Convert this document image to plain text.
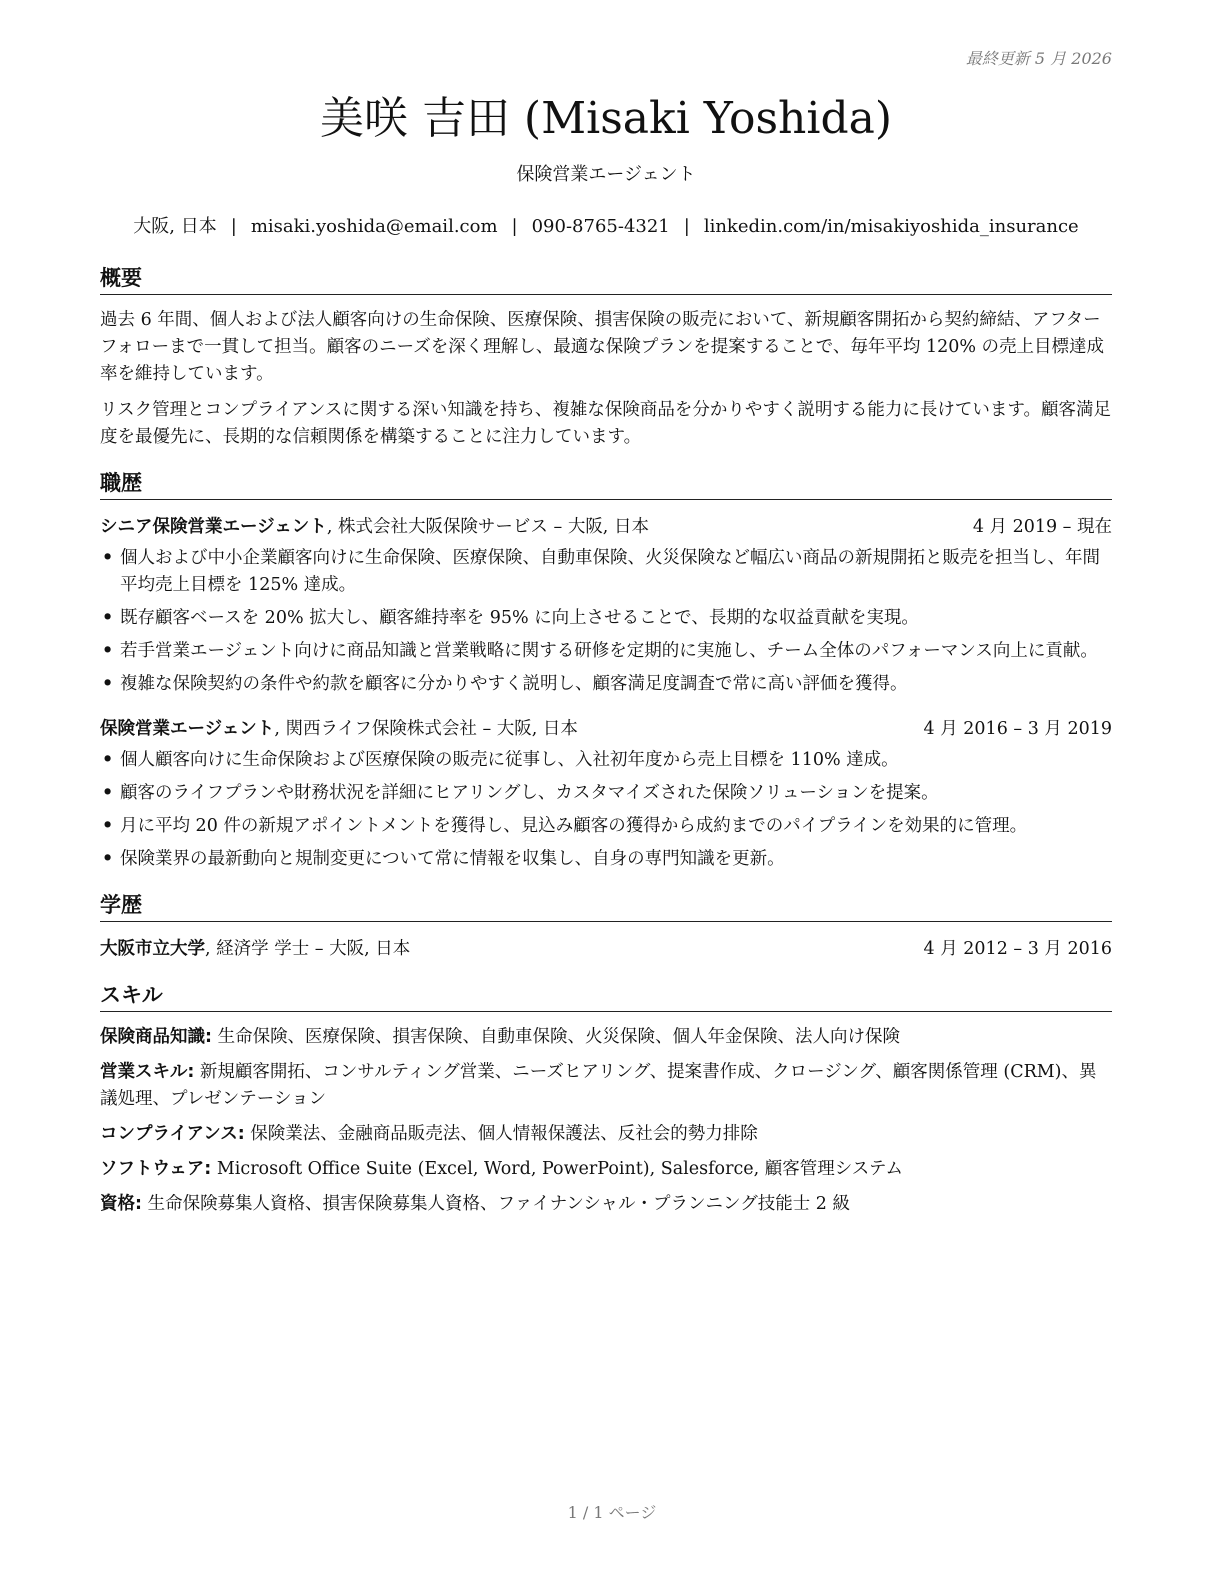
最終更新 5 月 2026
美咲 吉田 (Misaki Yoshida)
保険営業エージェント
大阪, 日本 | misaki.yoshida@email.com | 090-8765-4321 | linkedin.com/in/misakiyoshida_insurance
概要

過去 6 年間、個人および法人顧客向けの生命保険、医療保険、損害保険の販売において、新規顧客開拓から契約締結、アフターフォローまで一貫して担当。顧客のニーズを深く理解し、最適な保険プランを提案することで、毎年平均 120% の売上目標達成率を維持しています。

リスク管理とコンプライアンスに関する深い知識を持ち、複雑な保険商品を分かりやすく説明する能力に長けています。顧客満足度を最優先に、長期的な信頼関係を構築することに注力しています。

職歴
シニア保険営業エージェント, 株式会社大阪保険サービス – 大阪, 日本	4 月 2019 – 現在
• 個人および中小企業顧客向けに生命保険、医療保険、自動車保険、火災保険など幅広い商品の新規開拓と販売を担当し、年間平均売上目標を 125% 達成。
• 既存顧客ベースを 20% 拡大し、顧客維持率を 95% に向上させることで、長期的な収益貢献を実現。
• 若手営業エージェント向けに商品知識と営業戦略に関する研修を定期的に実施し、チーム全体のパフォーマンス向上に貢献。
• 複雑な保険契約の条件や約款を顧客に分かりやすく説明し、顧客満足度調査で常に高い評価を獲得。
保険営業エージェント, 関西ライフ保険株式会社 – 大阪, 日本	4 月 2016 – 3 月 2019
• 個人顧客向けに生命保険および医療保険の販売に従事し、入社初年度から売上目標を 110% 達成。
• 顧客のライフプランや財務状況を詳細にヒアリングし、カスタマイズされた保険ソリューションを提案。
• 月に平均 20 件の新規アポイントメントを獲得し、見込み顧客の獲得から成約までのパイプラインを効果的に管理。
• 保険業界の最新動向と規制変更について常に情報を収集し、自身の専門知識を更新。
学歴
大阪市立大学, 経済学 学士 – 大阪, 日本	4 月 2012 – 3 月 2016
スキル
保険商品知識: 生命保険、医療保険、損害保険、自動車保険、火災保険、個人年金保険、法人向け保険
営業スキル: 新規顧客開拓、コンサルティング営業、ニーズヒアリング、提案書作成、クロージング、顧客関係管理 (CRM)、異議処理、プレゼンテーション
コンプライアンス: 保険業法、金融商品販売法、個人情報保護法、反社会的勢力排除
ソフトウェア: Microsoft Office Suite (Excel, Word, PowerPoint), Salesforce, 顧客管理システム
資格: 生命保険募集人資格、損害保険募集人資格、ファイナンシャル・プランニング技能士 2 級
1 / 1 ページ
